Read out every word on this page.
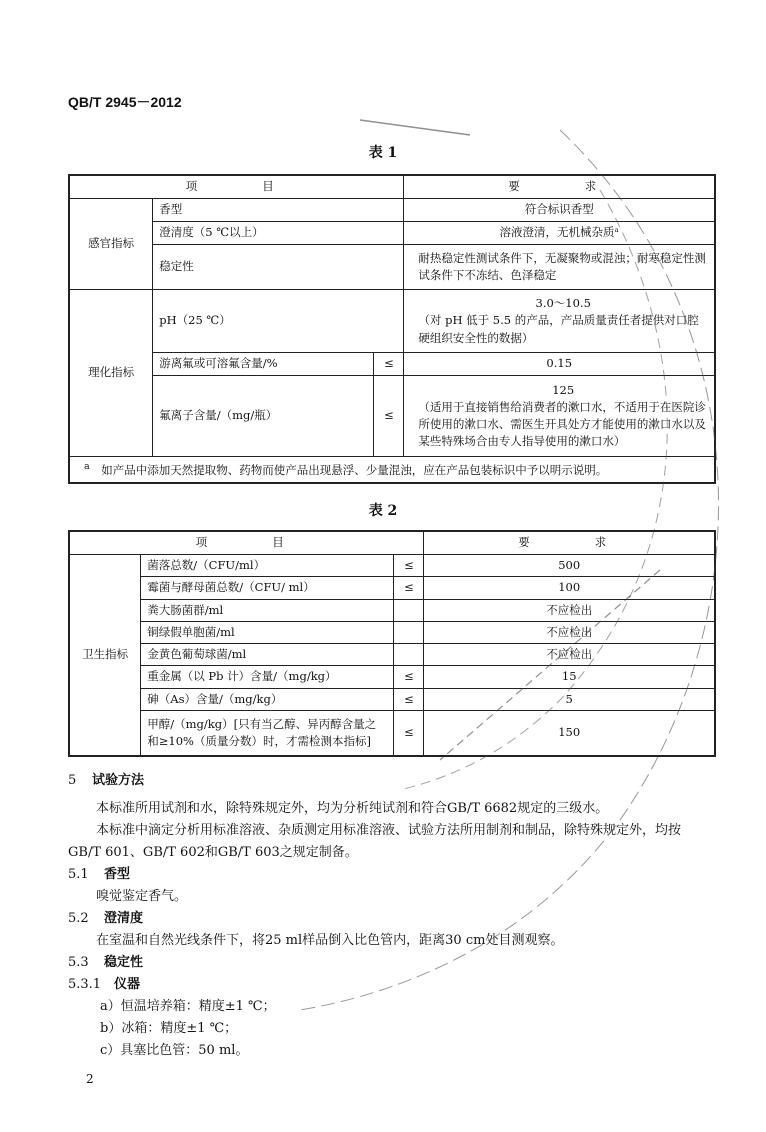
QB/T 2945－2012
表 1
项　　目			要　　求
感官指标	香型		符合标识香型
	澄清度（5 ℃以上）		溶液澄清，无机械杂质ᵃ
	稳定性		耐热稳定性测试条件下，无凝聚物或混浊；耐寒稳定性测试条件下不冻结、色泽稳定
理化指标	pH（25 ℃）		3.0～10.5
（对 pH 低于 5.5 的产品，产品质量责任者提供对口腔硬组织安全性的数据）

	游离氟或可溶氟含量/%	≤	0.15
	氟离子含量/（mg/瓶）	≤	125
（适用于直接销售给消费者的漱口水，不适用于在医院诊所使用的漱口水、需医生开具处方才能使用的漱口水以及某些特殊场合由专人指导使用的漱口水）

$^a$　 如产品中添加天然提取物、药物而使产品出现悬浮、少量混浊，应在产品包装标识中予以明示说明。			
表 2
项　　目			要　　求
卫生指标	菌落总数/（CFU/ml）	≤	500
	霉菌与酵母菌总数/（CFU/ ml）	≤	100
	粪大肠菌群/ml		不应检出
	铜绿假单胞菌/ml		不应检出
	金黄色葡萄球菌/ml		不应检出
	重金属（以 Pb 计）含量/（mg/kg）	≤	15
	砷（As）含量/（mg/kg）	≤	5
	甲醇/（mg/kg）[只有当乙醇、异丙醇含量之和≥10%（质量分数）时，才需检测本指标]	≤	150

5 试验方法

本标准所用试剂和水，除特殊规定外，均为分析纯试剂和符合GB/T 6682规定的三级水。

本标准中滴定分析用标准溶液、杂质测定用标准溶液、试验方法所用制剂和制品，除特殊规定外，均按GB/T 601、GB/T 602和GB/T 603之规定制备。

5.1 香型

嗅觉鉴定香气。

5.2 澄清度

在室温和自然光线条件下，将25 ml样品倒入比色管内，距离30 cm处目测观察。

5.3 稳定性

5.3.1 仪器

a）恒温培养箱：精度±1 ℃；

b）冰箱：精度±1 ℃；

c）具塞比色管：50 ml。

2
